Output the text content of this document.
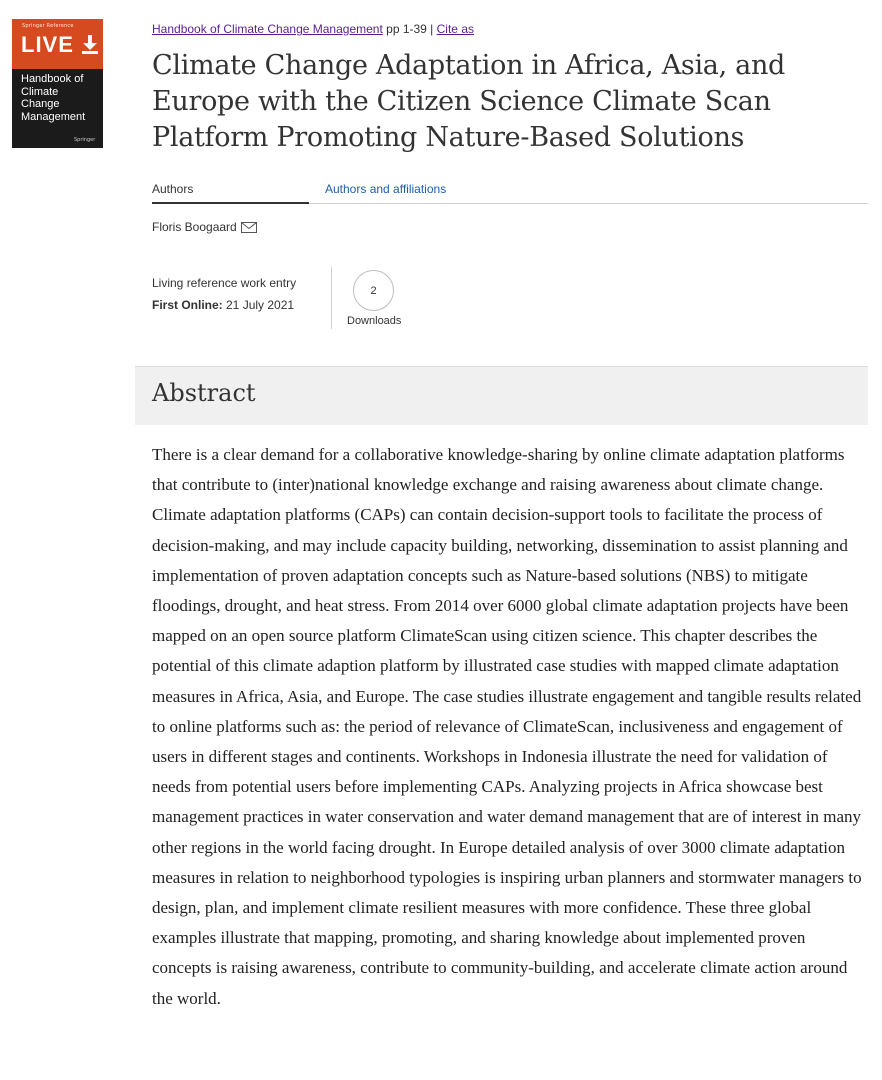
Springer Reference
LIVE
Handbook of Climate Change Management
Springer
Handbook of Climate Change Management pp 1-39 | Cite as
Climate Change Adaptation in Africa, Asia, and Europe with the Citizen Science Climate Scan Platform Promoting Nature-Based Solutions
Authors	Authors and affiliations
Floris Boogaard
Living reference work entry
First Online: 21 July 2021
2
Downloads
Abstract

There is a clear demand for a collaborative knowledge-sharing by online climate adaptation platforms that contribute to (inter)national knowledge exchange and raising awareness about climate change. Climate adaptation platforms (CAPs) can contain decision-support tools to facilitate the process of decision-making, and may include capacity building, networking, dissemination to assist planning and implementation of proven adaptation concepts such as Nature-based solutions (NBS) to mitigate floodings, drought, and heat stress. From 2014 over 6000 global climate adaptation projects have been mapped on an open source platform ClimateScan using citizen science. This chapter describes the potential of this climate adaption platform by illustrated case studies with mapped climate adaptation measures in Africa, Asia, and Europe. The case studies illustrate engagement and tangible results related to online platforms such as: the period of relevance of ClimateScan, inclusiveness and engagement of users in different stages and continents. Workshops in Indonesia illustrate the need for validation of needs from potential users before implementing CAPs. Analyzing projects in Africa showcase best management practices in water conservation and water demand management that are of interest in many other regions in the world facing drought. In Europe detailed analysis of over 3000 climate adaptation measures in relation to neighborhood typologies is inspiring urban planners and stormwater managers to design, plan, and implement climate resilient measures with more confidence. These three global examples illustrate that mapping, promoting, and sharing knowledge about implemented proven concepts is raising awareness, contribute to community-building, and accelerate climate action around the world.
